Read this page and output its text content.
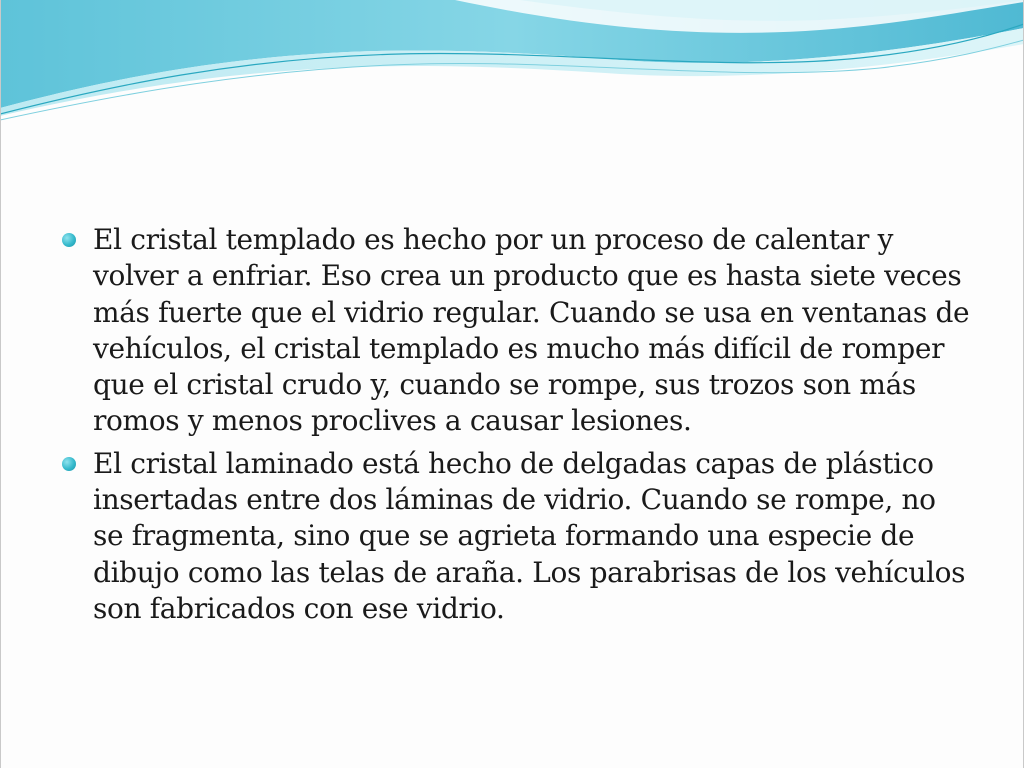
El cristal templado es hecho por un proceso de calentar y volver a enfriar. Eso crea un producto que es hasta siete veces más fuerte que el vidrio regular. Cuando se usa en ventanas de vehículos, el cristal templado es mucho más difícil de romper que el cristal crudo y, cuando se rompe, sus trozos son más romos y menos proclives a causar lesiones.
El cristal laminado está hecho de delgadas capas de plástico insertadas entre dos láminas de vidrio. Cuando se rompe, no se fragmenta, sino que se agrieta formando una especie de dibujo como las telas de araña. Los parabrisas de los vehículos son fabricados con ese vidrio.
